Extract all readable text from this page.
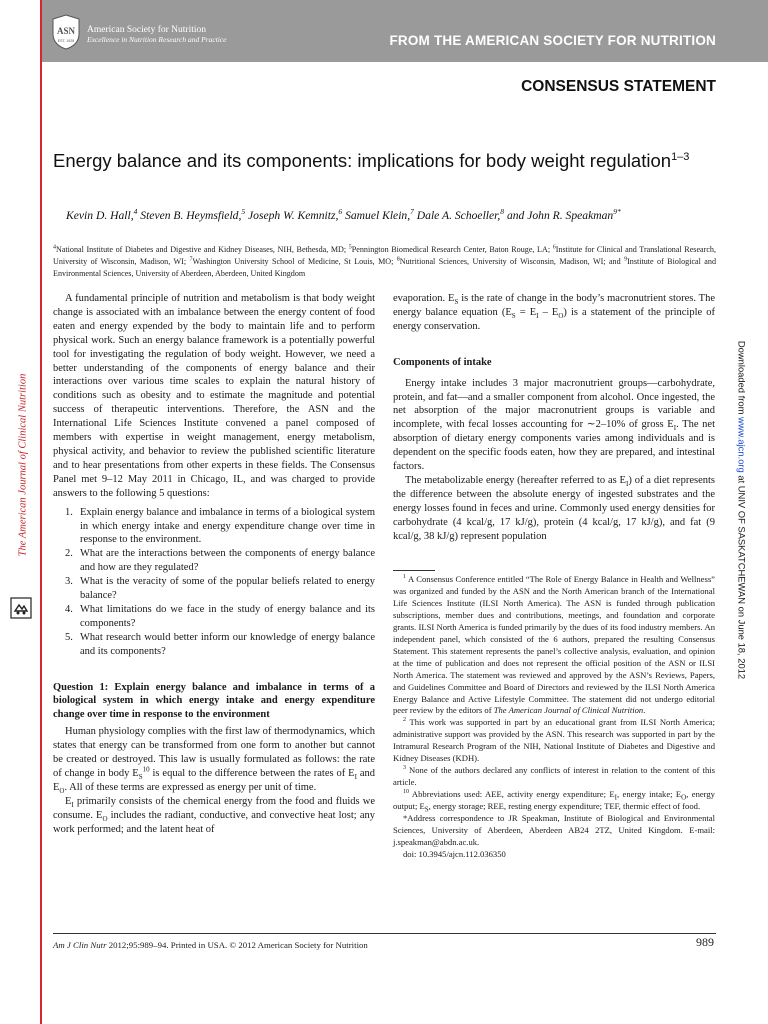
ASN
EST. 1928
American Society for Nutrition
Excellence in Nutrition Research and Practice	FROM THE AMERICAN SOCIETY FOR NUTRITION
CONSENSUS STATEMENT
Energy balance and its components: implications for body weight regulation$^{1-3}$
Kevin D. Hall,$^4$ Steven B. Heymsfield,$^5$ Joseph W. Kemnitz,$^6$ Samuel Klein,$^7$ Dale A. Schoeller,$^8$ and John R. Speakman$^{9*}$
$^4$National Institute of Diabetes and Digestive and Kidney Diseases, NIH, Bethesda, MD; $^5$Pennington Biomedical Research Center, Baton Rouge, LA; $^6$Institute for Clinical and Translational Research, University of Wisconsin, Madison, WI; $^7$Washington University School of Medicine, St Louis, MO; $^8$Nutritional Sciences, University of Wisconsin, Madison, WI; and $^9$Institute of Biological and Environmental Sciences, University of Aberdeen, Aberdeen, United Kingdom

A fundamental principle of nutrition and metabolism is that body weight change is associated with an imbalance between the energy content of food eaten and energy expended by the body to maintain life and to perform physical work. Such an energy balance framework is a potentially powerful tool for investigating the regulation of body weight. However, we need a better understanding of the components of energy balance and their interactions over various time scales to explain the natural history of conditions such as obesity and to estimate the magnitude and potential success of therapeutic interventions. Therefore, the ASN and the International Life Sciences Institute convened a panel composed of members with expertise in weight management, energy metabolism, physical activity, and behavior to review the published scientific literature and to hear presentations from other experts in these fields. The Consensus Panel met 9–12 May 2011 in Chicago, IL, and was charged to provide answers to the following 5 questions:

1. Explain energy balance and imbalance in terms of a biological system in which energy intake and energy expenditure change over time in response to the environment.
2. What are the interactions between the components of energy balance and how are they regulated?
3. What is the veracity of some of the popular beliefs related to energy balance?
4. What limitations do we face in the study of energy balance and its components?
5. What research would better inform our knowledge of energy balance and its components?

Question 1: Explain energy balance and imbalance in terms of a biological system in which energy intake and energy expenditure change over time in response to the environment

Human physiology complies with the first law of thermodynamics, which states that energy can be transformed from one form to another but cannot be created or destroyed. This law is usually formulated as follows: the rate of change in body $E_S^{10}$ is equal to the difference between the rates of $E_I$ and $E_O$. All of these terms are expressed as energy per unit of time.

$E_I$ primarily consists of the chemical energy from the food and fluids we consume. $E_O$ includes the radiant, conductive, and convective heat lost; any work performed; and the latent heat of

evaporation. $E_S$ is the rate of change in the body’s macronutrient stores. The energy balance equation $(E_S = E_I - E_O)$ is a statement of the principle of energy conservation.

Components of intake

Energy intake includes 3 major macronutrient groups—carbohydrate, protein, and fat—and a smaller component from alcohol. Once ingested, the net absorption of the major macronutrient groups is variable and incomplete, with fecal losses accounting for ∼2–10% of gross $E_I$. The net absorption of dietary energy components varies among individuals and is dependent on the specific foods eaten, how they are prepared, and intestinal factors.

The metabolizable energy (hereafter referred to as $E_I$) of a diet represents the difference between the absolute energy of ingested substrates and the energy losses found in feces and urine. Commonly used energy densities for carbohydrate (4 kcal/g, 17 kJ/g), protein (4 kcal/g, 17 kJ/g), and fat (9 kcal/g, 38 kJ/g) represent population

$^1$ A Consensus Conference entitled “The Role of Energy Balance in Health and Wellness” was organized and funded by the ASN and the North American branch of the International Life Sciences Institute (ILSI North America). The ASN is funded through publication subscriptions, member dues and contributions, meetings, and foundation and corporate grants. ILSI North America is funded primarily by the dues of its food industry members. An independent panel, which consisted of the 6 authors, prepared the resulting Consensus Statement. This statement represents the panel’s collective analysis, evaluation, and opinion at the time of publication and does not represent the official position of the ASN or ILSI North America. The statement was reviewed and approved by the ASN’s Reviews, Papers, and Guidelines Committee and Board of Directors and reviewed by the ILSI North America Energy Balance and Active Lifestyle Committee. The statement did not undergo editorial peer review by the editors of The American Journal of Clinical Nutrition.

$^2$ This work was supported in part by an educational grant from ILSI North America; administrative support was provided by the ASN. This research was supported in part by the Intramural Research Program of the NIH, National Institute of Diabetes and Digestive and Kidney Diseases (KDH).

$^3$ None of the authors declared any conflicts of interest in relation to the content of this article.

$^{10}$ Abbreviations used: AEE, activity energy expenditure; $E_I$, energy intake; $E_O$, energy output; $E_S$, energy storage; REE, resting energy expenditure; TEF, thermic effect of food.

*Address correspondence to JR Speakman, Institute of Biological and Environmental Sciences, University of Aberdeen, Aberdeen AB24 2TZ, United Kingdom. E-mail: j.speakman@abdn.ac.uk.

doi: 10.3945/ajcn.112.036350

Am J Clin Nutr 2012;95:989–94. Printed in USA. © 2012 American Society for Nutrition	989
The American Journal of Clinical Nutrition	Downloaded from www.ajcn.org at UNIV OF SASKATCHEWAN on June 18, 2012
